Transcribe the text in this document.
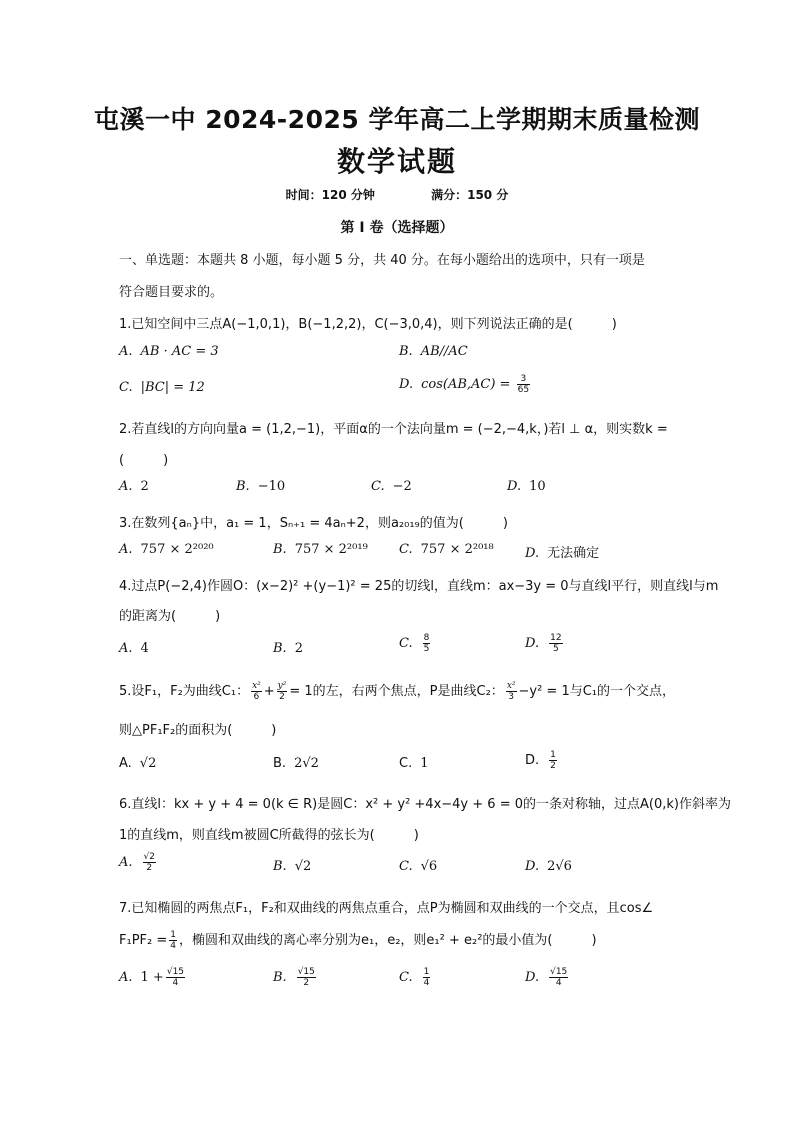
屯溪一中 2024-2025 学年高二上学期期末质量检测
数学试题
时间：120 分钟	满分：150 分
第 I 卷（选择题）
一、单选题：本题共 8 小题，每小题 5 分，共 40 分。在每小题给出的选项中，只有一项是
符合题目要求的。
1.已知空间中三点A(−1,0,1)，B(−1,2,2)，C(−3,0,4)，则下列说法正确的是(　　　)
A. AB · AC = 3	B. AB//AC
C. |BC| = 12	D. $\cos(AB,AC) = \frac{3}{65}$
2.若直线l的方向向量a = (1,2,−1)，平面α的一个法向量m = (−2,−4,k，)若l ⊥ α，则实数k =
(　　　)
A. 2	B. −10	C. −2	D. 10
3.在数列{aₙ}中，a₁ = 1，Sₙ₊₁ = 4aₙ+2，则a₂₀₁₉的值为(　　　)
A. 757 × 2²⁰²⁰	B. 757 × 2²⁰¹⁹ C. 757 × 2²⁰¹⁸ D. 无法确定
4.过点P(−2,4)作圆O：(x−2)² +(y−1)² = 25的切线l，直线m：ax−3y = 0与直线l平行，则直线l与m
的距离为(　　　)
A. 4	B. 2	C. $\frac{8}{5}$	D. $\frac{12}{5}$
5.设F₁，F₂为曲线C₁： $\frac{\text{x²}}{6} + \frac{\text{y²}}{2} = 1$的左，右两个焦点，P是曲线C₂： $\frac{\text{x²}}{3} -y^2 = 1$与C₁的一个交点，
则△PF₁F₂的面积为(　　　)
A. √2	B. 2√2	C. 1	D. $\frac{1}{2}$
6.直线l：kx + y + 4 = 0(k ∈ R)是圆C：x² + y² +4x−4y + 6 = 0的一条对称轴，过点A(0,k)作斜率为
1的直线m，则直线m被圆C所截得的弦长为(　　　)
A. $\frac{√2}{2}$	B. √2	C. √6	D. 2√6
7.已知椭圆的两焦点F₁，F₂和双曲线的两焦点重合，点P为椭圆和双曲线的一个交点，且cos∠
$F_1PF_2 = \frac{1}{4}$ ，椭圆和双曲线的离心率分别为e₁，e₂，则e₁² + e₂²的最小值为(　　　)
A. $1 + \frac{√15}{4}$	B. $\frac{√15}{2}$	C. $\frac{1}{4}$	D. $\frac{√15}{4}$
